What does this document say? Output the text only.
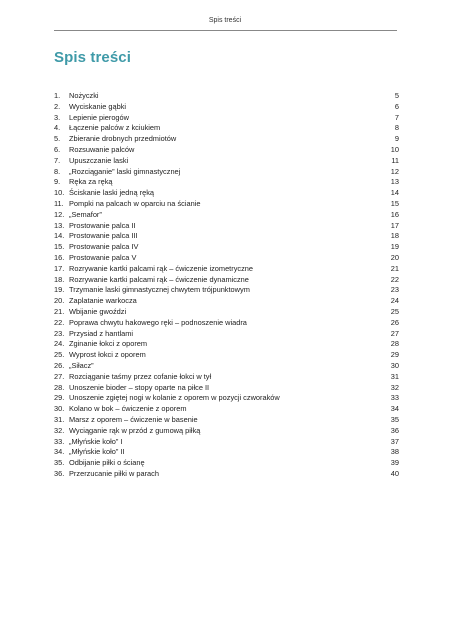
Spis treści
Spis treści
1.	Nożyczki	5
2.	Wyciskanie gąbki	6
3.	Lepienie pierogów	7
4.	Łączenie palców z kciukiem	8
5.	Zbieranie drobnych przedmiotów	9
6.	Rozsuwanie palców	10
7.	Upuszczanie laski	11
8.	„Rozciąganie” laski gimnastycznej	12
9.	Ręka za ręką	13
10. Ściskanie laski jedną ręką	14
11. Pompki na palcach w oparciu na ścianie	15
12. „Semafor”	16
13. Prostowanie palca II	17
14. Prostowanie palca III	18
15. Prostowanie palca IV	19
16. Prostowanie palca V	20
17. Rozrywanie kartki palcami rąk – ćwiczenie izometryczne	21
18. Rozrywanie kartki palcami rąk – ćwiczenie dynamiczne	22
19. Trzymanie laski gimnastycznej chwytem trójpunktowym	23
20. Zaplatanie warkocza	24
21. Wbijanie gwoździ	25
22. Poprawa chwytu hakowego ręki – podnoszenie wiadra	26
23. Przysiad z hantlami	27
24. Zginanie łokci z oporem	28
25. Wyprost łokci z oporem	29
26. „Siłacz”	30
27. Rozciąganie taśmy przez cofanie łokci w tył	31
28. Unoszenie bioder – stopy oparte na piłce II	32
29. Unoszenie zgiętej nogi w kolanie z oporem w pozycji czworaków	33
30. Kolano w bok – ćwiczenie z oporem	34
31. Marsz z oporem – ćwiczenie w basenie	35
32. Wyciąganie rąk w przód z gumową piłką	36
33. „Młyńskie koło” I	37
34. „Młyńskie koło” II	38
35. Odbijanie piłki o ścianę	39
36. Przerzucanie piłki w parach	40
